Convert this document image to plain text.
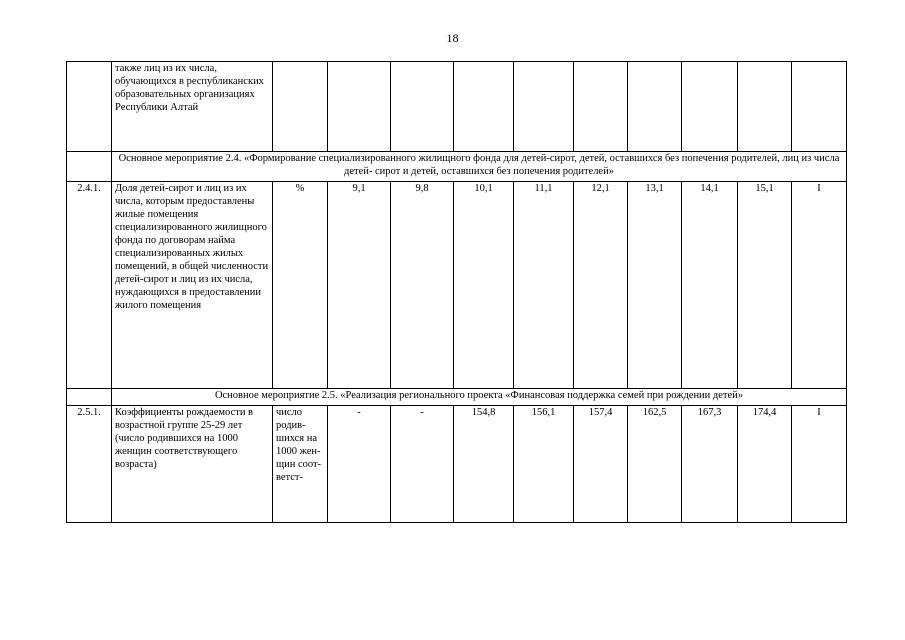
18
	также лиц из их числа, обучающихся в республиканских образовательных организациях Республики Алтай										
	Основное мероприятие 2.4. «Формирование специализированного жилищного фонда для детей-сирот, детей, оставшихся без попечения родителей, лиц из числа детей- сирот и детей, оставшихся без попечения родителей»										
2.4.1.	Доля детей-сирот и лиц из их числа, которым предоставлены жилые помещения специализированного жилищного фонда по договорам найма специализированных жилых помещений, в общей численности детей-сирот и лиц из их числа, нуждающихся в предоставлении жилого помещения	%	9,1	9,8	10,1	11,1	12,1	13,1	14,1	15,1	I
	Основное мероприятие 2.5. «Реализация регионального проекта «Финансовая поддержка семей при рождении детей»										
2.5.1.	Коэффициенты рождаемости в возрастной группе 25-29 лет (число родившихся на 1000 женщин соответствующего возраста)	число родив-шихся на 1000 жен-щин соот-ветст-	-	-	154,8	156,1	157,4	162,5	167,3	174,4	I
